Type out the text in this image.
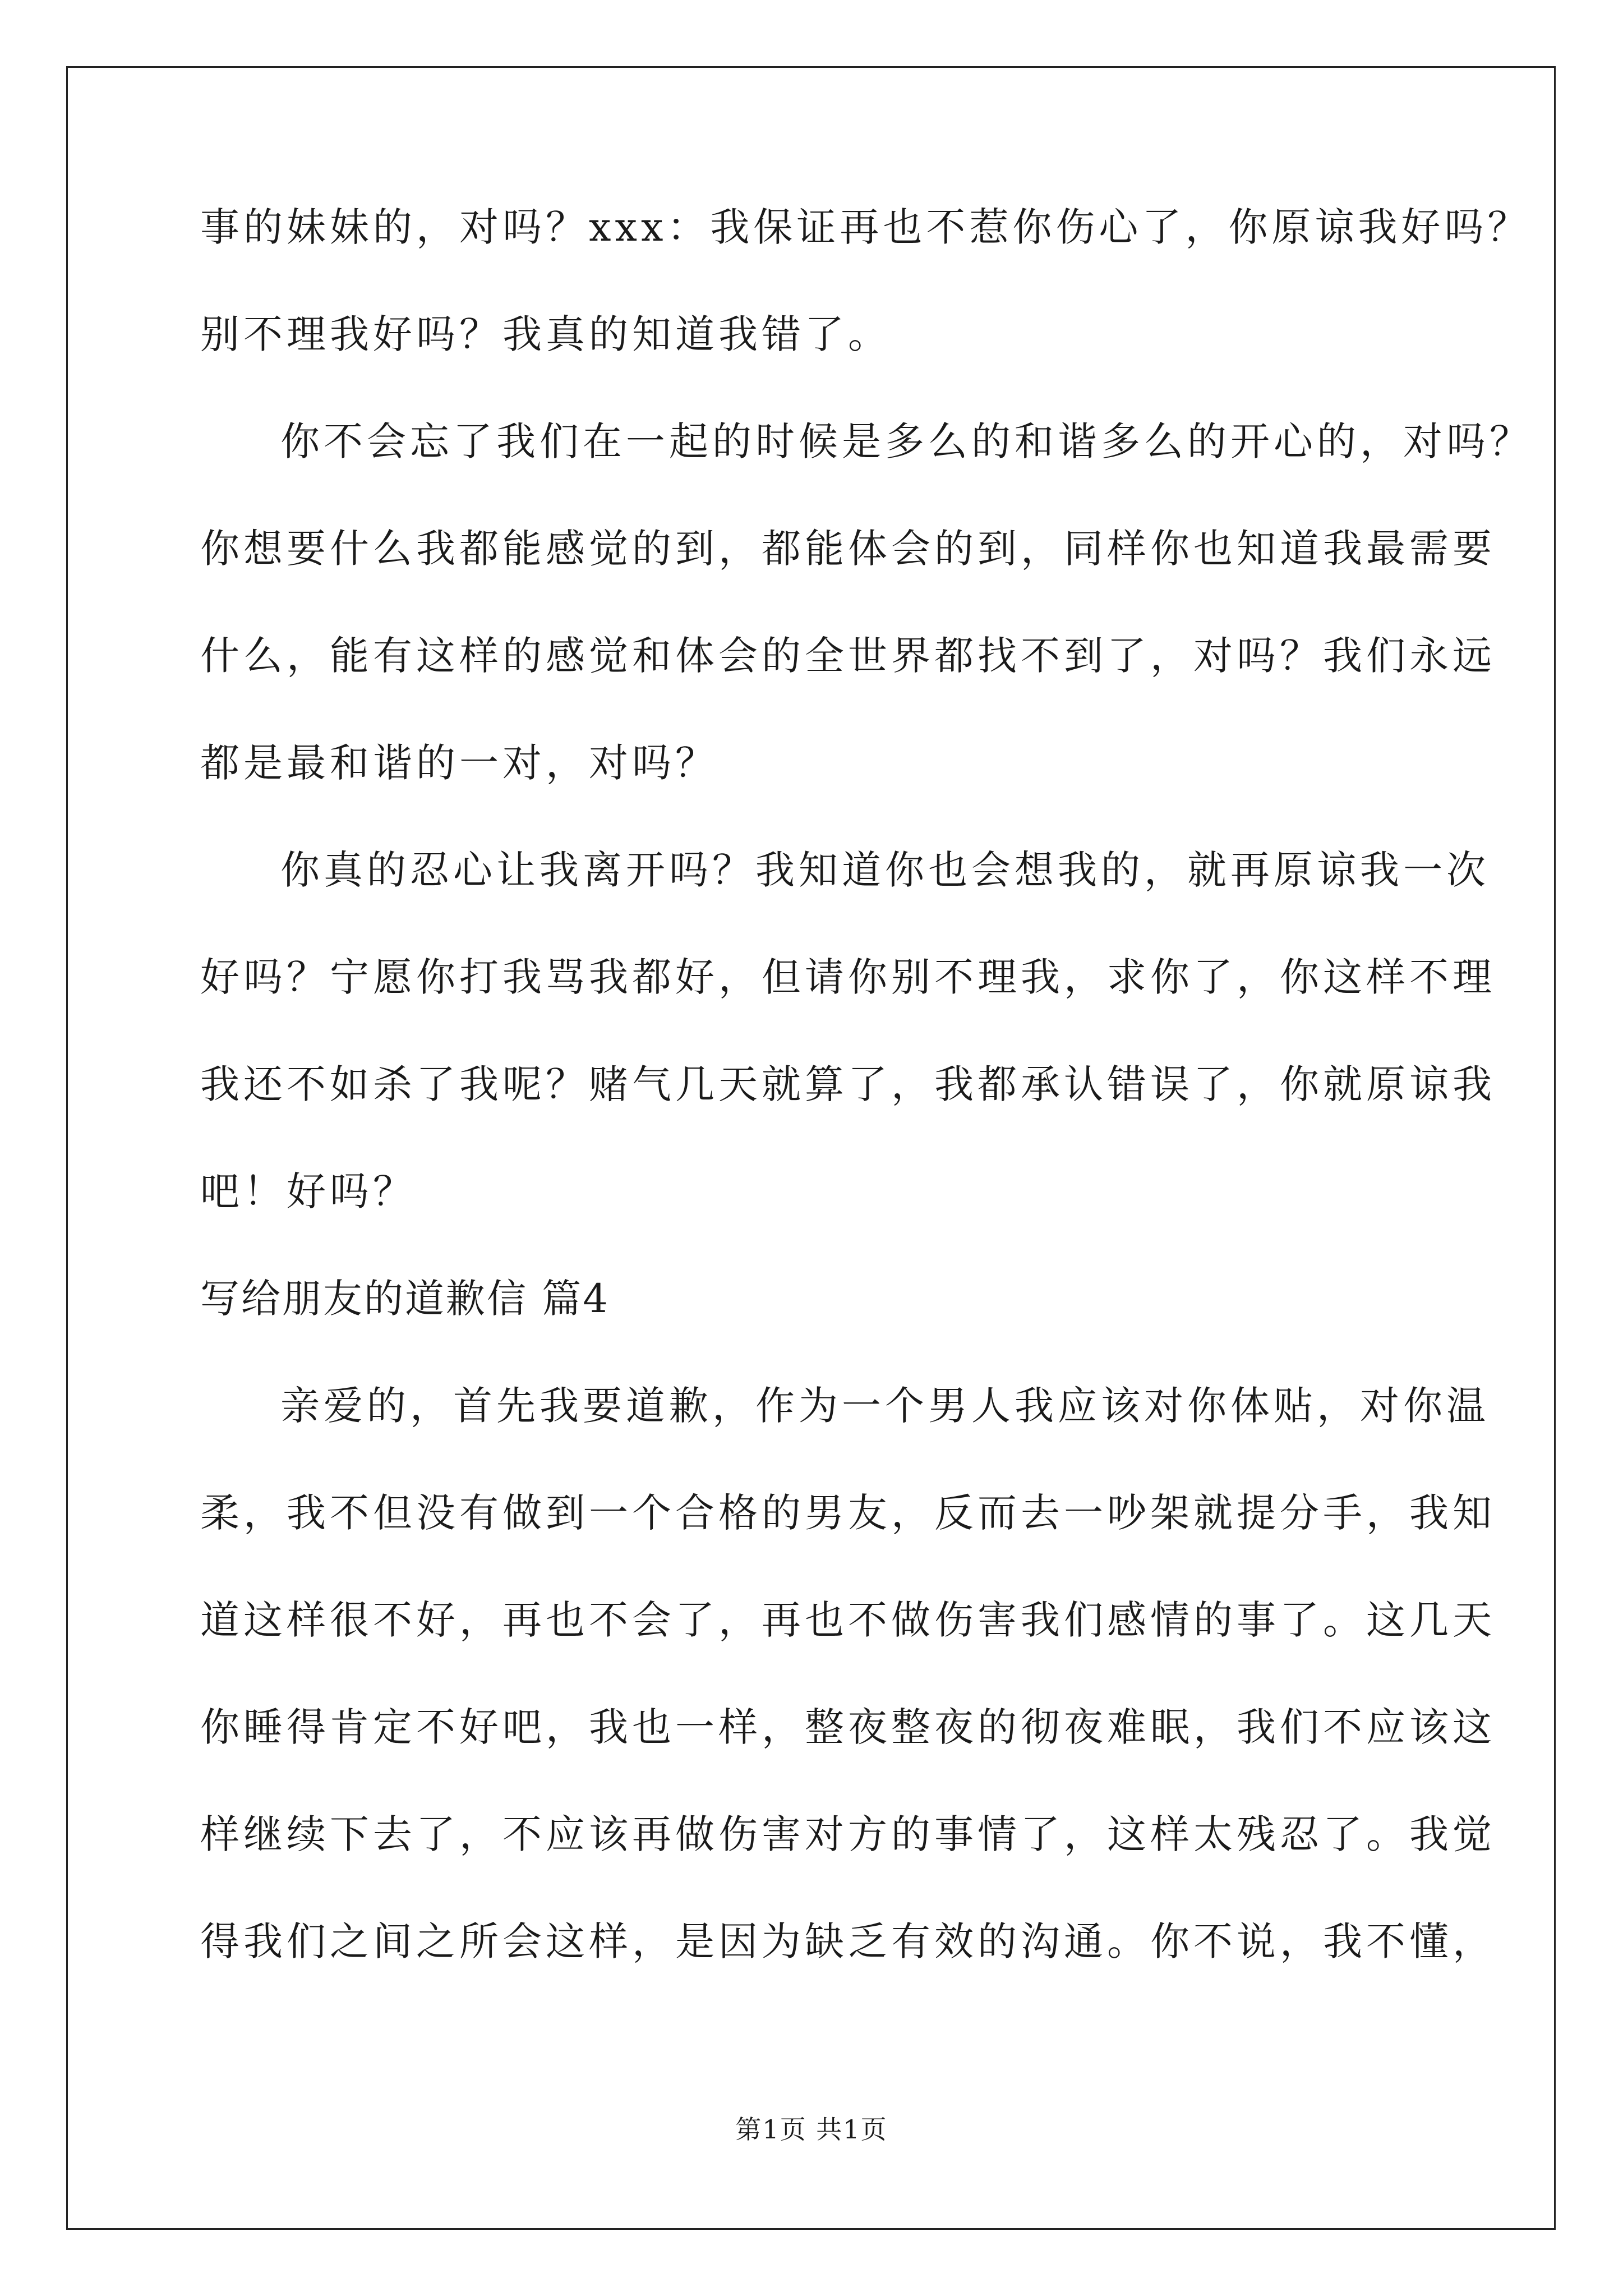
事的妹妹的，对吗？xxx：我保证再也不惹你伤心了，你原谅我好吗？
别不理我好吗？我真的知道我错了。
你不会忘了我们在一起的时候是多么的和谐多么的开心的，对吗？
你想要什么我都能感觉的到，都能体会的到，同样你也知道我最需要
什么，能有这样的感觉和体会的全世界都找不到了，对吗？我们永远
都是最和谐的一对，对吗？
你真的忍心让我离开吗？我知道你也会想我的，就再原谅我一次
好吗？宁愿你打我骂我都好，但请你别不理我，求你了，你这样不理
我还不如杀了我呢？赌气几天就算了，我都承认错误了，你就原谅我
吧！好吗？
写给朋友的道歉信 篇4
亲爱的，首先我要道歉，作为一个男人我应该对你体贴，对你温
柔，我不但没有做到一个合格的男友，反而去一吵架就提分手，我知
道这样很不好，再也不会了，再也不做伤害我们感情的事了。这几天
你睡得肯定不好吧，我也一样，整夜整夜的彻夜难眠，我们不应该这
样继续下去了，不应该再做伤害对方的事情了，这样太残忍了。我觉
得我们之间之所会这样，是因为缺乏有效的沟通。你不说，我不懂，
第1页 共1页
